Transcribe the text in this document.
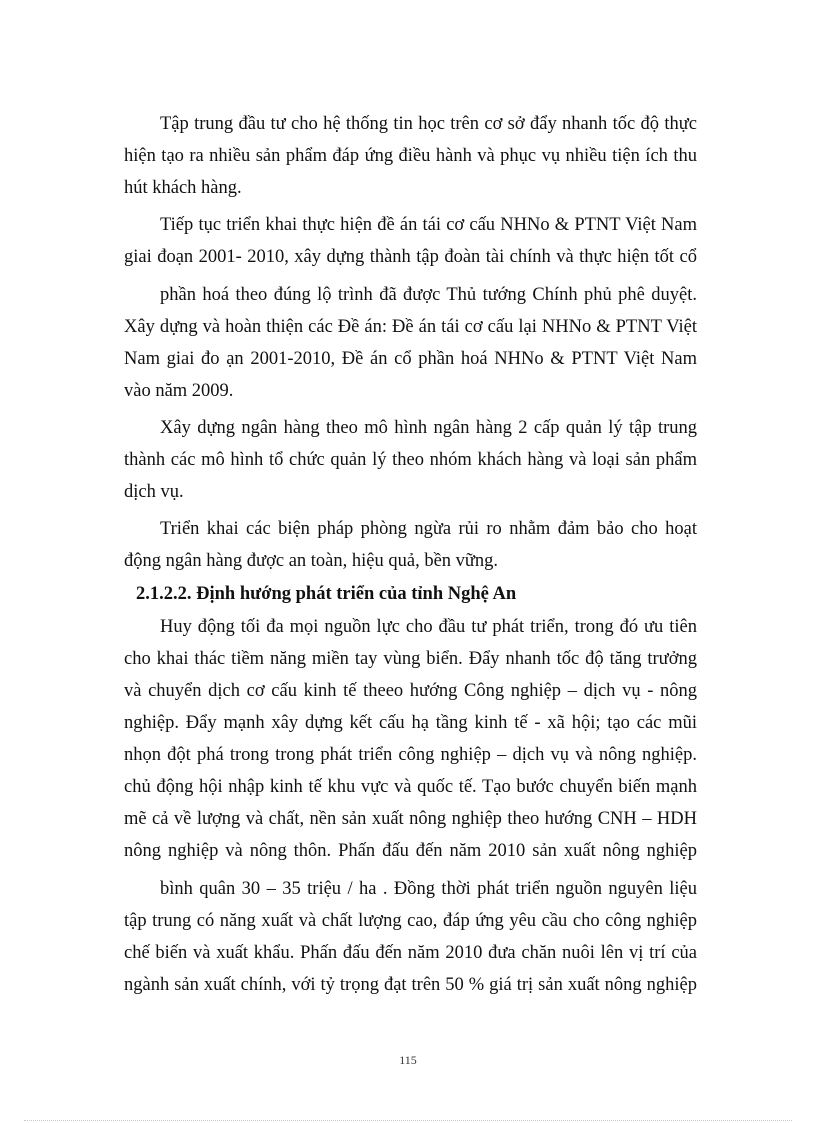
Tập trung đầu tư cho hệ thống tin học trên cơ sở đẩy nhanh tốc độ thực
hiện tạo ra nhiều sản phẩm đáp ứng điều hành và phục vụ nhiều tiện ích thu
hút khách hàng.
Tiếp tục triển khai thực hiện đề án tái cơ cấu NHNo & PTNT Việt Nam
giai đoạn 2001- 2010, xây dựng thành tập đoàn tài chính và thực hiện tốt cổ
phần hoá theo đúng lộ trình đã được Thủ tướng Chính phủ phê duyệt.
Xây dựng và hoàn thiện các Đề án: Đề án tái cơ cấu lại NHNo & PTNT Việt
Nam giai đo ạn 2001-2010, Đề án cổ phần hoá NHNo & PTNT Việt Nam
vào năm 2009.
Xây dựng ngân hàng theo mô hình ngân hàng 2 cấp quản lý tập trung
thành các mô hình tổ chức quản lý theo nhóm khách hàng và loại sản phẩm
dịch vụ.
Triển khai các biện pháp phòng ngừa rủi ro nhằm đảm bảo cho hoạt
động ngân hàng được an toàn, hiệu quả, bền vững.
2.1.2.2. Định hướng phát triển của tỉnh Nghệ An
Huy động tối đa mọi nguồn lực cho đầu tư phát triển, trong đó ưu tiên
cho khai thác tiềm năng miền tay vùng biển. Đẩy nhanh tốc độ tăng trưởng
và chuyển dịch cơ cấu kinh tế theeo hướng Công nghiệp – dịch vụ - nông
nghiệp. Đẩy mạnh xây dựng kết cấu hạ tầng kinh tế - xã hội; tạo các mũi
nhọn đột phá trong trong phát triển công nghiệp – dịch vụ và nông nghiệp.
chủ động hội nhập kinh tế khu vực và quốc tế. Tạo bước chuyển biến mạnh
mẽ cả về lượng và chất, nền sản xuất nông nghiệp theo hướng CNH – HDH
nông nghiệp và nông thôn. Phấn đấu đến năm 2010 sản xuất nông nghiệp
bình quân 30 – 35 triệu / ha . Đồng thời phát triển nguồn nguyên liệu
tập trung có năng xuất và chất lượng cao, đáp ứng yêu cầu cho công nghiệp
chế biến và xuất khẩu. Phấn đấu đến năm 2010 đưa chăn nuôi lên vị trí của
ngành sản xuất chính, với tỷ trọng đạt trên 50 % giá trị sản xuất nông nghiệp
115
